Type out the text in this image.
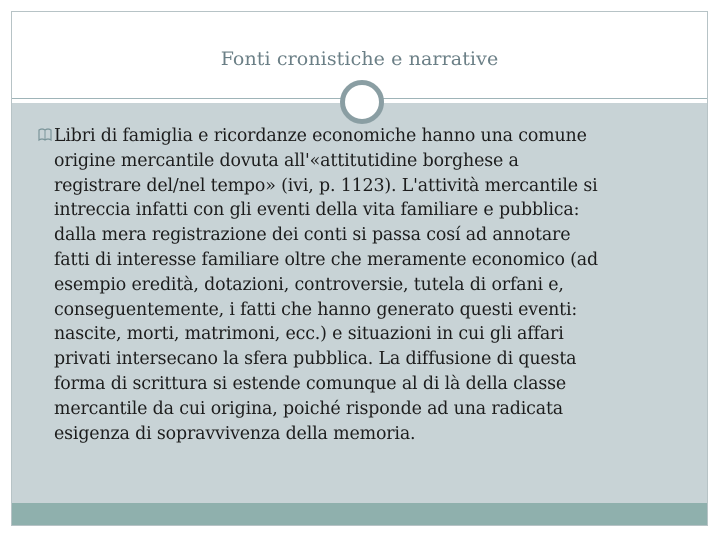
Fonti cronistiche e narrative

Libri di famiglia e ricordanze economiche hanno una comune
origine mercantile dovuta all'«attitutidine borghese a
registrare del/nel tempo» (ivi, p. 1123). L'attività mercantile si
intreccia infatti con gli eventi della vita familiare e pubblica:
dalla mera registrazione dei conti si passa cosí ad annotare
fatti di interesse familiare oltre che meramente economico (ad
esempio eredità, dotazioni, controversie, tutela di orfani e,
conseguentemente, i fatti che hanno generato questi eventi:
nascite, morti, matrimoni, ecc.) e situazioni in cui gli affari
privati intersecano la sfera pubblica. La diffusione di questa
forma di scrittura si estende comunque al di là della classe
mercantile da cui origina, poiché risponde ad una radicata
esigenza di sopravvivenza della memoria.
